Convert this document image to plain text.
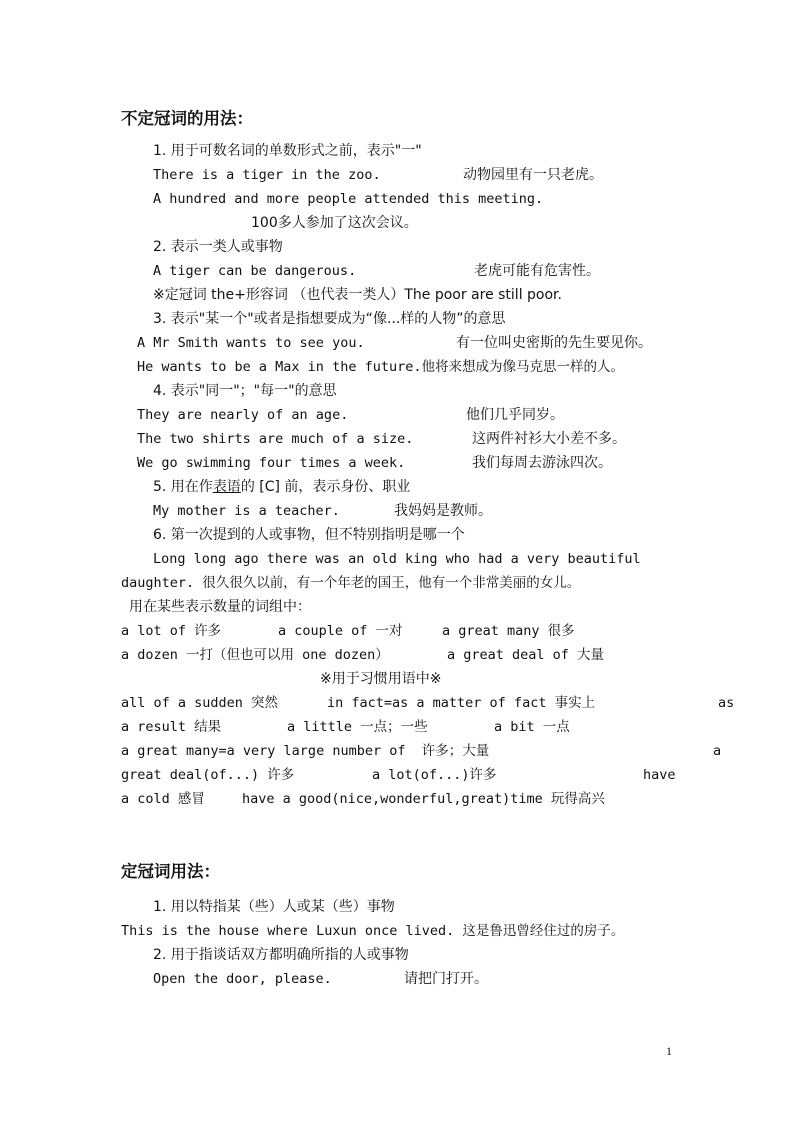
不定冠词的用法：
1. 用于可数名词的单数形式之前，表示"一"
There is a tiger in the zoo.	动物园里有一只老虎。
A hundred and more people attended this meeting.
100多人参加了这次会议。
2. 表示一类人或事物
A tiger can be dangerous.	老虎可能有危害性。
※定冠词 the+形容词 （也代表一类人）The poor are still poor.
3. 表示"某一个"或者是指想要成为“像...样的人物”的意思
A Mr Smith wants to see you.	有一位叫史密斯的先生要见你。
He wants to be a Max in the future.他将来想成为像马克思一样的人。
4. 表示"同一"；"每一"的意思
They are nearly of an age.	他们几乎同岁。
The two shirts are much of a size.	这两件衬衫大小差不多。
We go swimming four times a week.	我们每周去游泳四次。
5. 用在作表语的 [C] 前，表示身份、职业
My mother is a teacher.	我妈妈是教师。
6. 第一次提到的人或事物，但不特别指明是哪一个
Long long ago there was an old king who had a very beautiful
daughter. 很久很久以前，有一个年老的国王，他有一个非常美丽的女儿。
用在某些表示数量的词组中：
a lot of 许多	a couple of 一对	a great many 很多
a dozen 一打（但也可以用 one dozen）	a great deal of 大量
※用于习惯用语中※
all of a sudden 突然	in fact=as a matter of fact 事实上	as
a result 结果	a little 一点；一些	a bit 一点
a great many=a very large number of  许多；大量	a
great deal(of...) 许多	a lot(of...)许多	have
a cold 感冒	have a good(nice,wonderful,great)time 玩得高兴
定冠词用法：
1. 用以特指某（些）人或某（些）事物
This is the house where Luxun once lived. 这是鲁迅曾经住过的房子。
2. 用于指谈话双方都明确所指的人或事物
Open the door, please.	请把门打开。
1
